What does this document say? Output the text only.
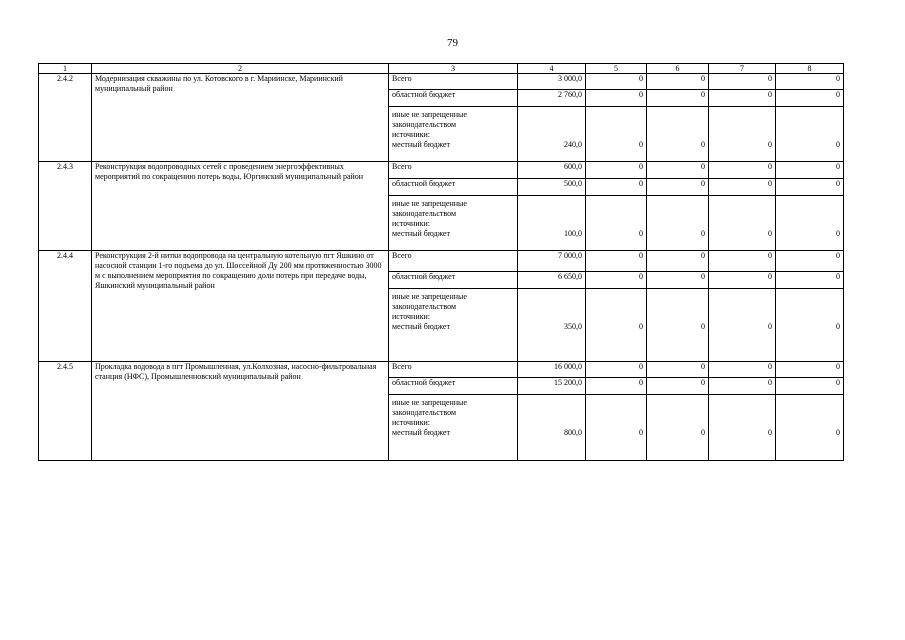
79
1	2	3	4	5	6	7	8
2.4.2	Модернизация скважины по ул. Котовского в г. Мариинске, Мариинский муниципальный район	Всего	3 000,0	0	0	0	0
		областной бюджет	2 760,0	0	0	0	0

		иные не запрещенные
законодательством
источники:
местный бюджет	240,0	0	0	0	0
2.4.3	Реконструкция водопроводных сетей с проведением энергоэффективных мероприятий по сокращению потерь воды, Юргинский муниципальный район	Всего	600,0	0	0	0	0
		областной бюджет	500,0	0	0	0	0

		иные не запрещенные
законодательством
источники:
местный бюджет	100,0	0	0	0	0
2.4.4	Реконструкция 2-й нитки водопровода на центральную котельную пгт Яшкино от насосной станции 1-го подъема до ул. Шоссейной Ду 200 мм протяженностью 3000 м с выполнением мероприятия по сокращению доли потерь при передаче воды, Яшкинский муниципальный район	Всего	7 000,0	0	0	0	0
		областной бюджет	6 650,0	0	0	0	0

		иные не запрещенные
законодательством
источники:
местный бюджет	350,0	0	0	0	0
2.4.5	Прокладка водовода в пгт Промышленная, ул.Колхозная, насосно-фильтровальная станция (НФС), Промышленновский муниципальный район	Всего	16 000,0	0	0	0	0
		областной бюджет	15 200,0	0	0	0	0

		иные не запрещенные
законодательством
источники:
местный бюджет	800,0	0	0	0	0
